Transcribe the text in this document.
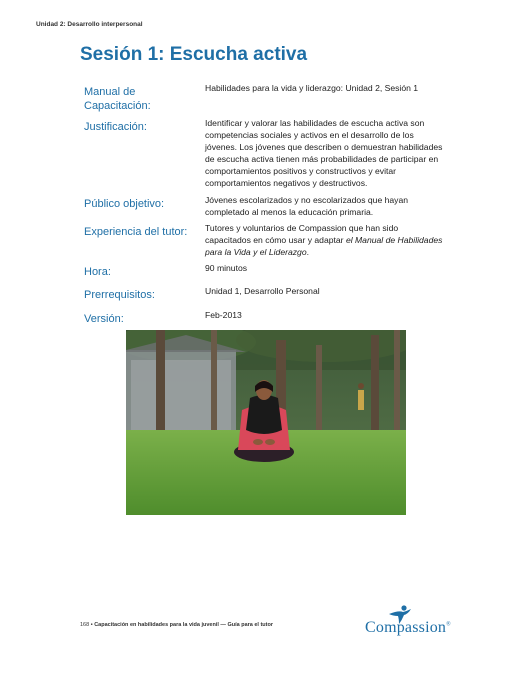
Unidad 2: Desarrollo interpersonal
Sesión 1: Escucha activa
Manual de Capacitación:
Habilidades para la vida y liderazgo: Unidad 2, Sesión 1
Justificación:	Identificar y valorar las habilidades de escucha activa son competencias sociales y activos en el desarrollo de los jóvenes. Los jóvenes que describen o demuestran habilidades de escucha activa tienen más probabilidades de participar en comportamientos positivos y constructivos y evitar comportamientos negativos y destructivos.
Público objetivo:	Jóvenes escolarizados y no escolarizados que hayan completado al menos la educación primaria.
Experiencia del tutor:	Tutores y voluntarios de Compassion que han sido capacitados en cómo usar y adaptar el Manual de Habilidades para la Vida y el Liderazgo.
Hora:	90 minutos
Prerrequisitos:	Unidad 1, Desarrollo Personal
Versión:	Feb-2013
168 • Capacitación en habilidades para la vida juvenil — Guía para el tutor	Compassion®
